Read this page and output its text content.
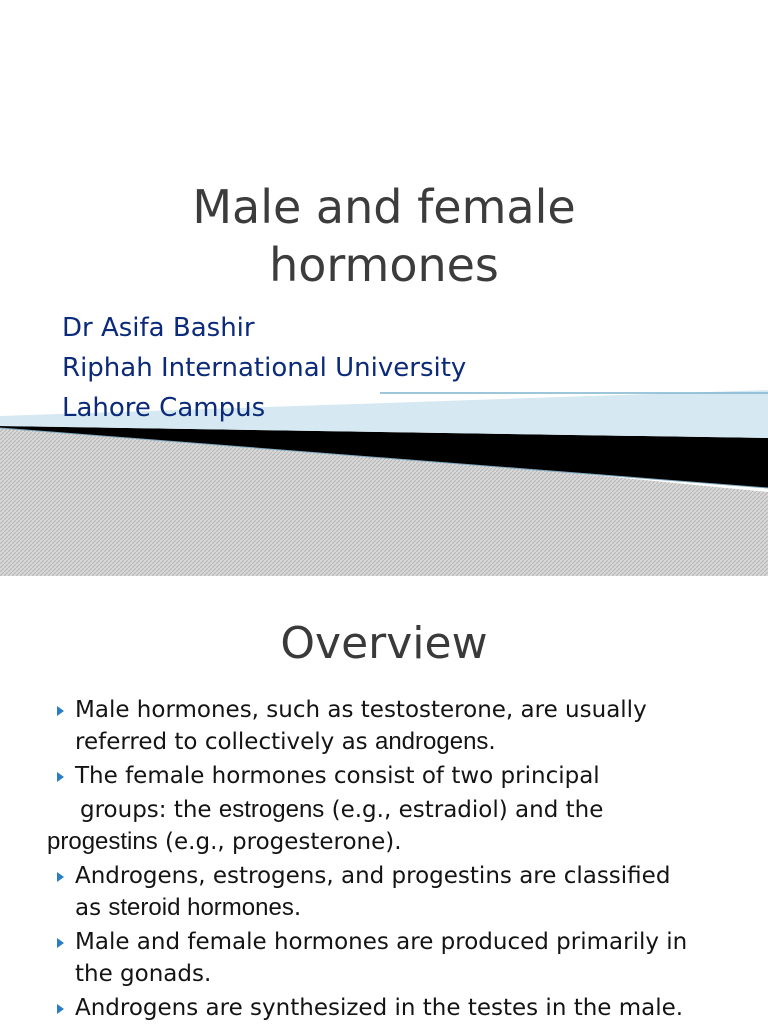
Male and female
hormones
Dr Asifa Bashir
Riphah International University
Lahore Campus
Overview
Male hormones, such as testosterone, are usually
referred to collectively as androgens.
The female hormones consist of two principal
groups: the estrogens (e.g., estradiol) and the
progestins (e.g., progesterone).
Androgens, estrogens, and progestins are classified
as steroid hormones.
Male and female hormones are produced primarily in
the gonads.
Androgens are synthesized in the testes in the male.
